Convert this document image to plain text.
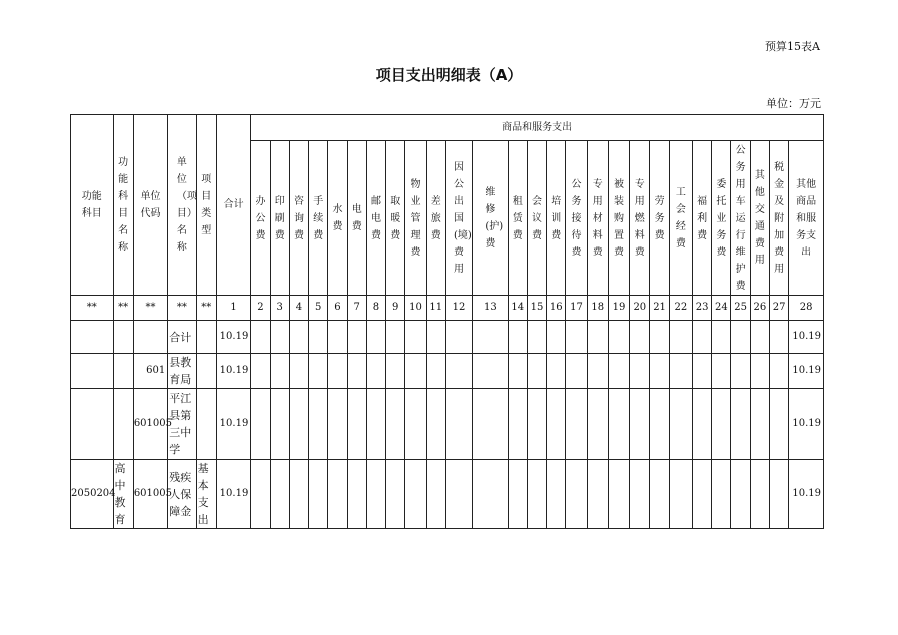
预算15表A
项目支出明细表（A）
单位：万元
功能科目	功能科目名称	单位代码	单位（项目）名称	项目类型	合计	商品和服务支出																										
						办公费	印刷费	咨询费	手续费	水费	电费	邮电费	取暖费	物业管理费	差旅费	因公出国(境)费用	维修(护)费	租赁费	会议费	培训费	公务接待费	专用材料费	被装购置费	专用燃料费	劳务费	工会经费	福利费	委托业务费	公务用车运行维护费	其他交通费用	税金及附加费用	其他商品和服务支出
**	**	**	**	**	1	2	3	4	5	6	7	8	9	10	11	12	13	14	15	16	17	18	19	20	21	22	23	24	25	26	27	28
			合计		10.19																											10.19
		601	县教育局		10.19																											10.19
		601005	平江县第三中学		10.19																											10.19
2050204	高中教育	601005	残疾人保障金	基本支出	10.19																											10.19
